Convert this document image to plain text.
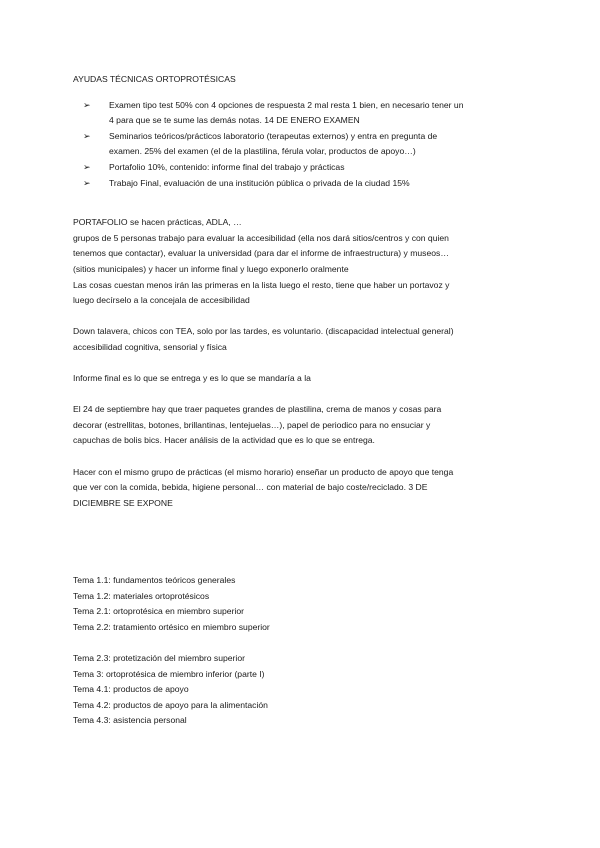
AYUDAS TÉCNICAS ORTOPROTÉSICAS
➢ Examen tipo test 50% con 4 opciones de respuesta 2 mal resta 1 bien, en necesario tener un
4 para que se te sume las demás notas. 14 DE ENERO EXAMEN
➢ Seminarios teóricos/prácticos laboratorio (terapeutas externos) y entra en pregunta de
examen. 25% del examen (el de la plastilina, férula volar, productos de apoyo…)
➢ Portafolio 10%, contenido: informe final del trabajo y prácticas
➢ Trabajo Final, evaluación de una institución pública o privada de la ciudad 15%
PORTAFOLIO se hacen prácticas, ADLA, …
grupos de 5 personas trabajo para evaluar la accesibilidad (ella nos dará sitios/centros y con quien
tenemos que contactar), evaluar la universidad (para dar el informe de infraestructura) y museos…
(sitios municipales) y hacer un informe final y luego exponerlo oralmente
Las cosas cuestan menos irán las primeras en la lista luego el resto, tiene que haber un portavoz y
luego decírselo a la concejala de accesibilidad
Down talavera, chicos con TEA, solo por las tardes, es voluntario. (discapacidad intelectual general)
accesibilidad cognitiva, sensorial y física
Informe final es lo que se entrega y es lo que se mandaría a la
El 24 de septiembre hay que traer paquetes grandes de plastilina, crema de manos y cosas para
decorar (estrellitas, botones, brillantinas, lentejuelas…), papel de periodico para no ensuciar y
capuchas de bolis bics. Hacer análisis de la actividad que es lo que se entrega.
Hacer con el mismo grupo de prácticas (el mismo horario) enseñar un producto de apoyo que tenga
que ver con la comida, bebida, higiene personal… con material de bajo coste/reciclado. 3 DE
DICIEMBRE SE EXPONE
Tema 1.1: fundamentos teóricos generales
Tema 1.2: materiales ortoprotésicos
Tema 2.1: ortoprotésica en miembro superior
Tema 2.2: tratamiento ortésico en miembro superior
Tema 2.3: protetización del miembro superior
Tema 3: ortoprotésica de miembro inferior (parte I)
Tema 4.1: productos de apoyo
Tema 4.2: productos de apoyo para la alimentación
Tema 4.3: asistencia personal
